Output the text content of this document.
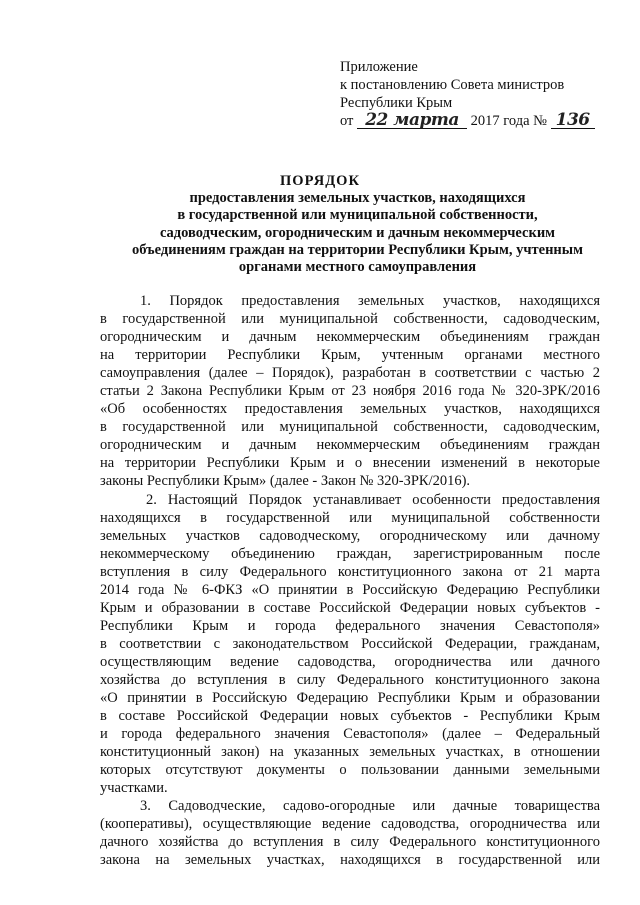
Приложение
к постановлению Совета министров
Республики Крым
от 22 марта 2017 года № 136
ПОРЯДОК
предоставления земельных участков, находящихся
в государственной или муниципальной собственности,
садоводческим, огородническим и дачным некоммерческим
объединениям граждан на территории Республики Крым, учтенным
органами местного самоуправления
1. Порядок предоставления земельных участков, находящихся
в государственной или муниципальной собственности, садоводческим,
огородническим и дачным некоммерческим объединениям граждан
на территории Республики Крым, учтенным органами местного
самоуправления (далее – Порядок), разработан в соответствии с частью 2
статьи 2 Закона Республики Крым от 23 ноября 2016 года № 320-ЗРК/2016
«Об особенностях предоставления земельных участков, находящихся
в государственной или муниципальной собственности, садоводческим,
огородническим и дачным некоммерческим объединениям граждан
на территории Республики Крым и о внесении изменений в некоторые
законы Республики Крым» (далее - Закон № 320-ЗРК/2016).
2. Настоящий Порядок устанавливает особенности предоставления
находящихся в государственной или муниципальной собственности
земельных участков садоводческому, огородническому или дачному
некоммерческому объединению граждан, зарегистрированным после
вступления в силу Федерального конституционного закона от 21 марта
2014 года № 6-ФКЗ «О принятии в Российскую Федерацию Республики
Крым и образовании в составе Российской Федерации новых субъектов -
Республики Крым и города федерального значения Севастополя»
в соответствии с законодательством Российской Федерации, гражданам,
осуществляющим ведение садоводства, огородничества или дачного
хозяйства до вступления в силу Федерального конституционного закона
«О принятии в Российскую Федерацию Республики Крым и образовании
в составе Российской Федерации новых субъектов - Республики Крым
и города федерального значения Севастополя» (далее – Федеральный
конституционный закон) на указанных земельных участках, в отношении
которых отсутствуют документы о пользовании данными земельными
участками.
3. Садоводческие, садово-огородные или дачные товарищества
(кооперативы), осуществляющие ведение садоводства, огородничества или
дачного хозяйства до вступления в силу Федерального конституционного
закона на земельных участках, находящихся в государственной или
